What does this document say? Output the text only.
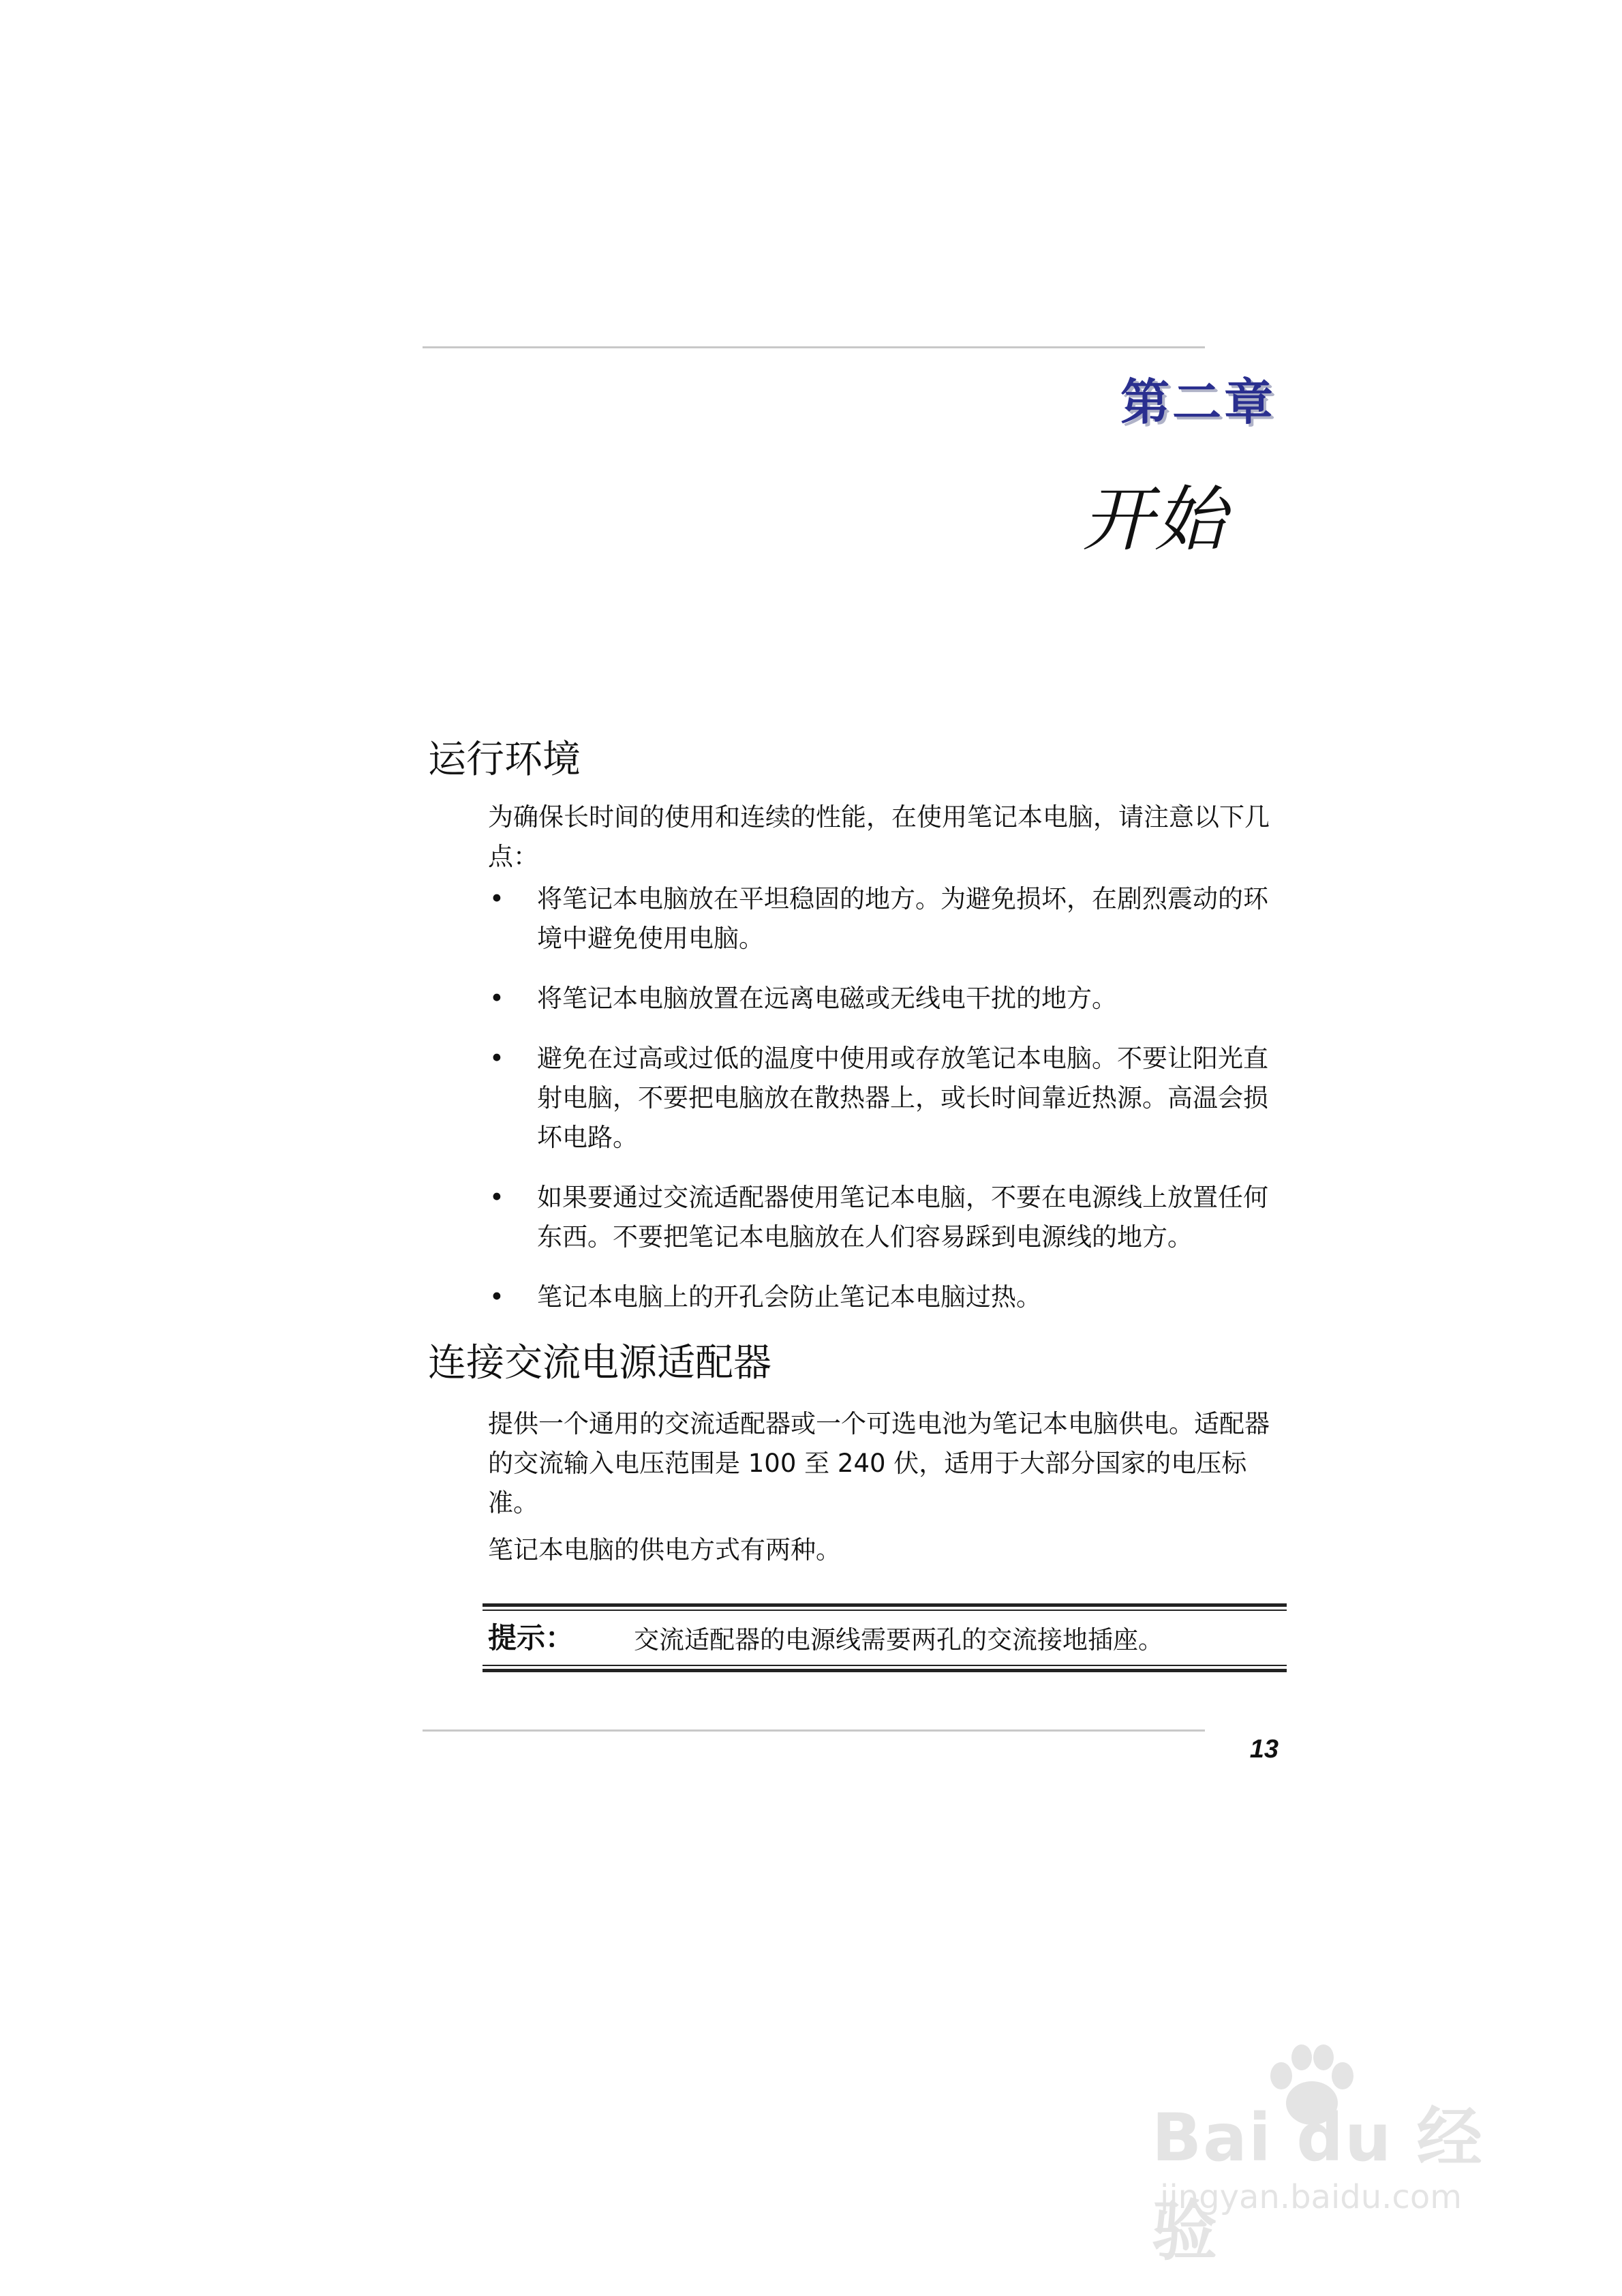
第二章
开始
运行环境

为确保长时间的使用和连续的性能，在使用笔记本电脑，请注意以下几点：

• 将笔记本电脑放在平坦稳固的地方。为避免损坏，在剧烈震动的环境中避免使用电脑。
• 将笔记本电脑放置在远离电磁或无线电干扰的地方。
• 避免在过高或过低的温度中使用或存放笔记本电脑。不要让阳光直射电脑，不要把电脑放在散热器上，或长时间靠近热源。高温会损坏电路。
• 如果要通过交流适配器使用笔记本电脑，不要在电源线上放置任何东西。不要把笔记本电脑放在人们容易踩到电源线的地方。
• 笔记本电脑上的开孔会防止笔记本电脑过热。
连接交流电源适配器

提供一个通用的交流适配器或一个可选电池为笔记本电脑供电。适配器的交流输入电压范围是 100 至 240 伏，适用于大部分国家的电压标准。

笔记本电脑的供电方式有两种。

提示： 交流适配器的电源线需要两孔的交流接地插座。
13
Bai du 经验
jingyan.baidu.com
